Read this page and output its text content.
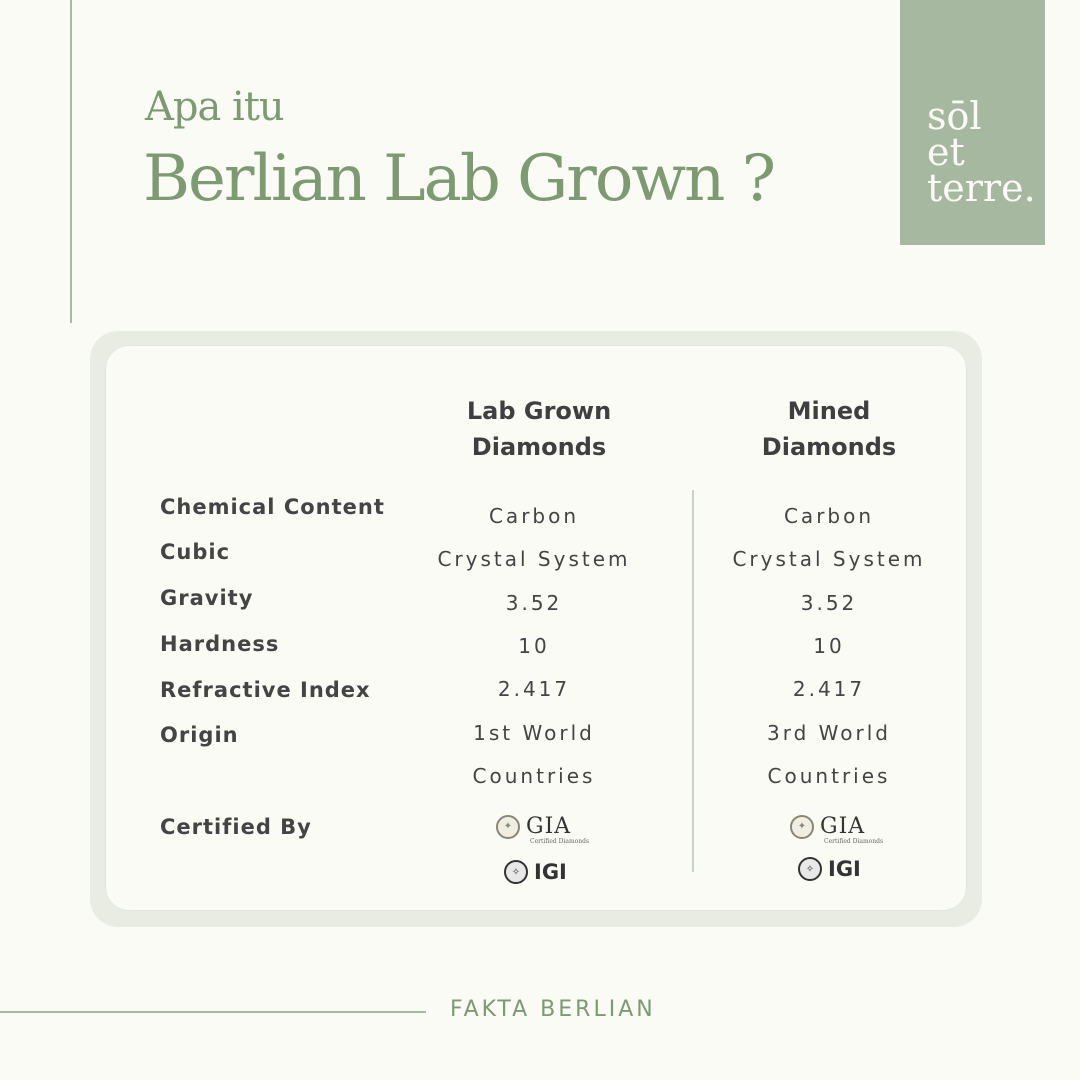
Apa itu
Berlian Lab Grown ?
sōl
et
terre.
Lab Grown
Diamonds
Mined
Diamonds
Chemical Content
Cubic
Gravity
Hardness
Refractive Index
Origin
Certified By
Carbon
Crystal System
3.52
10
2.417
1st World
Countries
Carbon
Crystal System
3.52
10
2.417
3rd World
Countries
✦ GIA
Certified Diamonds
✧ IGI
✦ GIA
Certified Diamonds
✧ IGI
FAKTA BERLIAN
